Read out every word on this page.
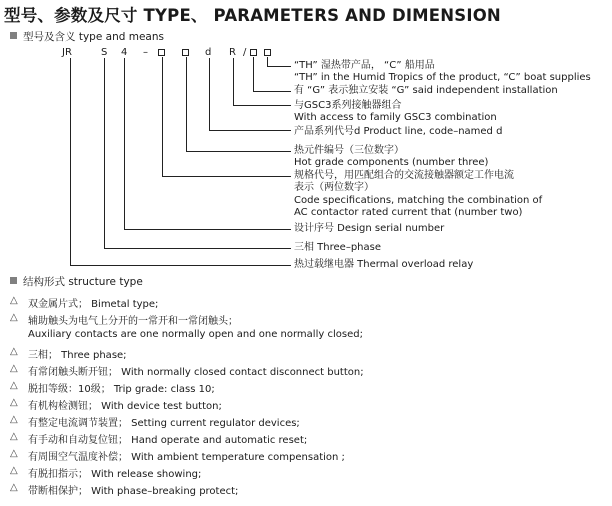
型号、参数及尺寸 TYPE、 PARAMETERS AND DIMENSION
型号及含义 type and means
JR	S 4 –	d R /
“TH” 湿热带产品， “C” 船用品
“TH” in the Humid Tropics of the product, “C” boat supplies
有 “G” 表示独立安装 “G” said independent installation
与GSC3系列接触器组合
With access to family GSC3 combination
产品系列代号d Product line, code–named d
热元件编号（三位数字）
Hot grade components (number three)
规格代号，用匹配组合的交流接触器额定工作电流
表示（两位数字）
Code specifications, matching the combination of
AC contactor rated current that (number two)
设计序号 Design serial number
三相 Three–phase
热过载继电器 Thermal overload relay
结构形式 structure type
△ 双金属片式； Bimetal type;
△ 辅助触头为电气上分开的一常开和一常闭触头；
Auxiliary contacts are one normally open and one normally closed;
△ 三相； Three phase;
△ 有常闭触头断开钮； With normally closed contact disconnect button;
△ 脱扣等级：10级； Trip grade: class 10;
△ 有机构检测钮； With device test button;
△ 有整定电流调节装置； Setting current regulator devices;
△ 有手动和自动复位钮； Hand operate and automatic reset;
△ 有周围空气温度补偿； With ambient temperature compensation ;
△ 有脱扣指示； With release showing;
△ 带断相保护； With phase–breaking protect;
